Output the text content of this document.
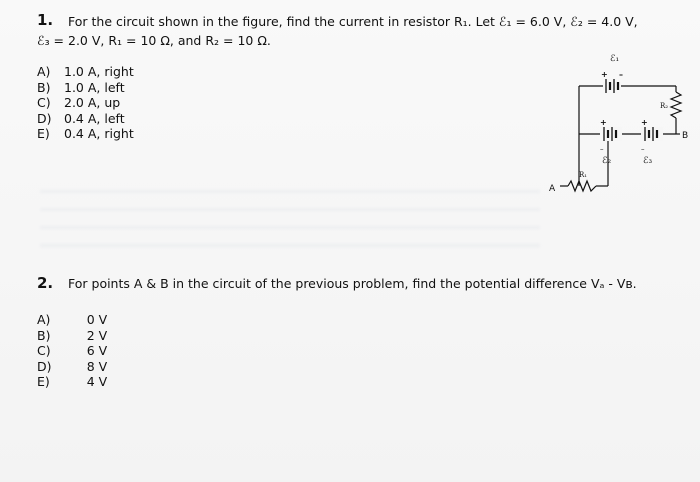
1. For the circuit shown in the figure, find the current in resistor R₁. Let ℰ₁ = 6.0 V, ℰ₂ = 4.0 V,
ℰ₃ = 2.0 V, R₁ = 10 Ω, and R₂ = 10 Ω.
A)	1.0 A, right
B)	1.0 A, left
C)	2.0 A, up
D) 0.4 A, left
E)	0.4 A, right
ℰ₁
+ –
R₂
+
–
ℰ₂
+
–
ℰ₃
R₁
A
B
2. For points A & B in the circuit of the previous problem, find the potential difference Vₐ - Vʙ.
A)	0 V
B)	2 V
C)	6 V
D)	8 V
E)	4 V
